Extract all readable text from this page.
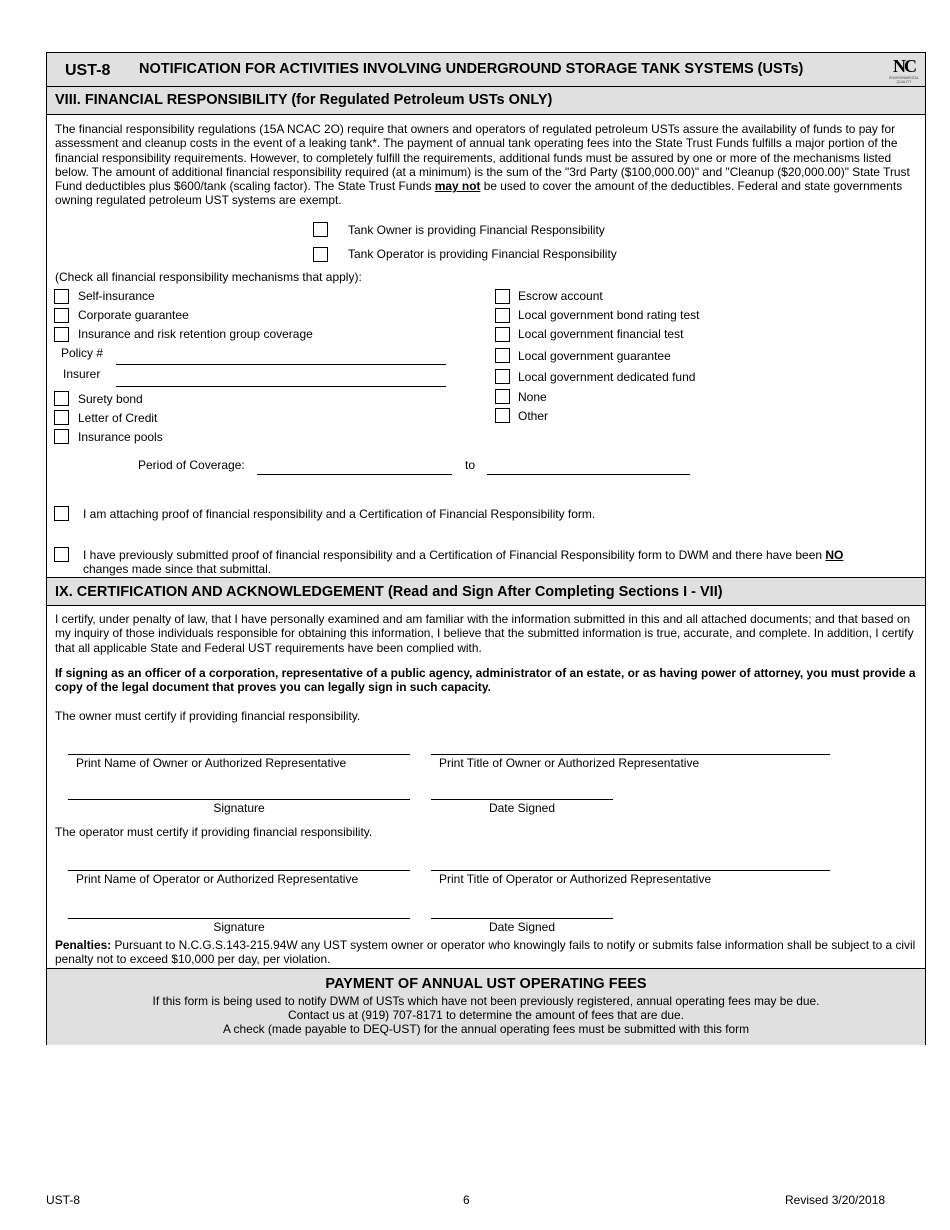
UST-8 NOTIFICATION FOR ACTIVITIES INVOLVING UNDERGROUND STORAGE TANK SYSTEMS (USTs)	NC
ENVIRONMENTAL
QUALITY
VIII. FINANCIAL RESPONSIBILITY (for Regulated Petroleum USTs ONLY)
The financial responsibility regulations (15A NCAC 2O) require that owners and operators of regulated petroleum USTs assure the availability of funds to pay for assessment and cleanup costs in the event of a leaking tank*. The payment of annual tank operating fees into the State Trust Funds fulfills a major portion of the financial responsibility requirements. However, to completely fulfill the requirements, additional funds must be assured by one or more of the mechanisms listed below. The amount of additional financial responsibility required (at a minimum) is the sum of the "3rd Party ($100,000.00)" and "Cleanup ($20,000.00)" State Trust Fund deductibles plus $600/tank (scaling factor). The State Trust Funds may not be used to cover the amount of the deductibles. Federal and state governments owning regulated petroleum UST systems are exempt.
Tank Owner is providing Financial Responsibility
Tank Operator is providing Financial Responsibility
(Check all financial responsibility mechanisms that apply):
Self-insurance
Corporate guarantee
Insurance and risk retention group coverage
Policy #
Insurer
Surety bond
Letter of Credit
Insurance pools
Escrow account
Local government bond rating test
Local government financial test
Local government guarantee
Local government dedicated fund
None
Other
Period of Coverage:	to
I am attaching proof of financial responsibility and a Certification of Financial Responsibility form.
I have previously submitted proof of financial responsibility and a Certification of Financial Responsibility form to DWM and there have been NO
changes made since that submittal.
IX. CERTIFICATION AND ACKNOWLEDGEMENT (Read and Sign After Completing Sections I - VII)
I certify, under penalty of law, that I have personally examined and am familiar with the information submitted in this and all attached documents; and that based on my inquiry of those individuals responsible for obtaining this information, I believe that the submitted information is true, accurate, and complete. In addition, I certify that all applicable State and Federal UST requirements have been complied with.
If signing as an officer of a corporation, representative of a public agency, administrator of an estate, or as having power of attorney, you must provide a copy of the legal document that proves you can legally sign in such capacity.
The owner must certify if providing financial responsibility.
Print Name of Owner or Authorized Representative	Print Title of Owner or Authorized Representative
Signature	Date Signed
The operator must certify if providing financial responsibility.
Print Name of Operator or Authorized Representative	Print Title of Operator or Authorized Representative
Signature	Date Signed
Penalties: Pursuant to N.C.G.S.143-215.94W any UST system owner or operator who knowingly fails to notify or submits false information shall be subject to a civil penalty not to exceed $10,000 per day, per violation.
PAYMENT OF ANNUAL UST OPERATING FEES
If this form is being used to notify DWM of USTs which have not been previously registered, annual operating fees may be due.
Contact us at (919) 707-8171 to determine the amount of fees that are due.
A check (made payable to DEQ-UST) for the annual operating fees must be submitted with this form
UST-8	6	Revised 3/20/2018
